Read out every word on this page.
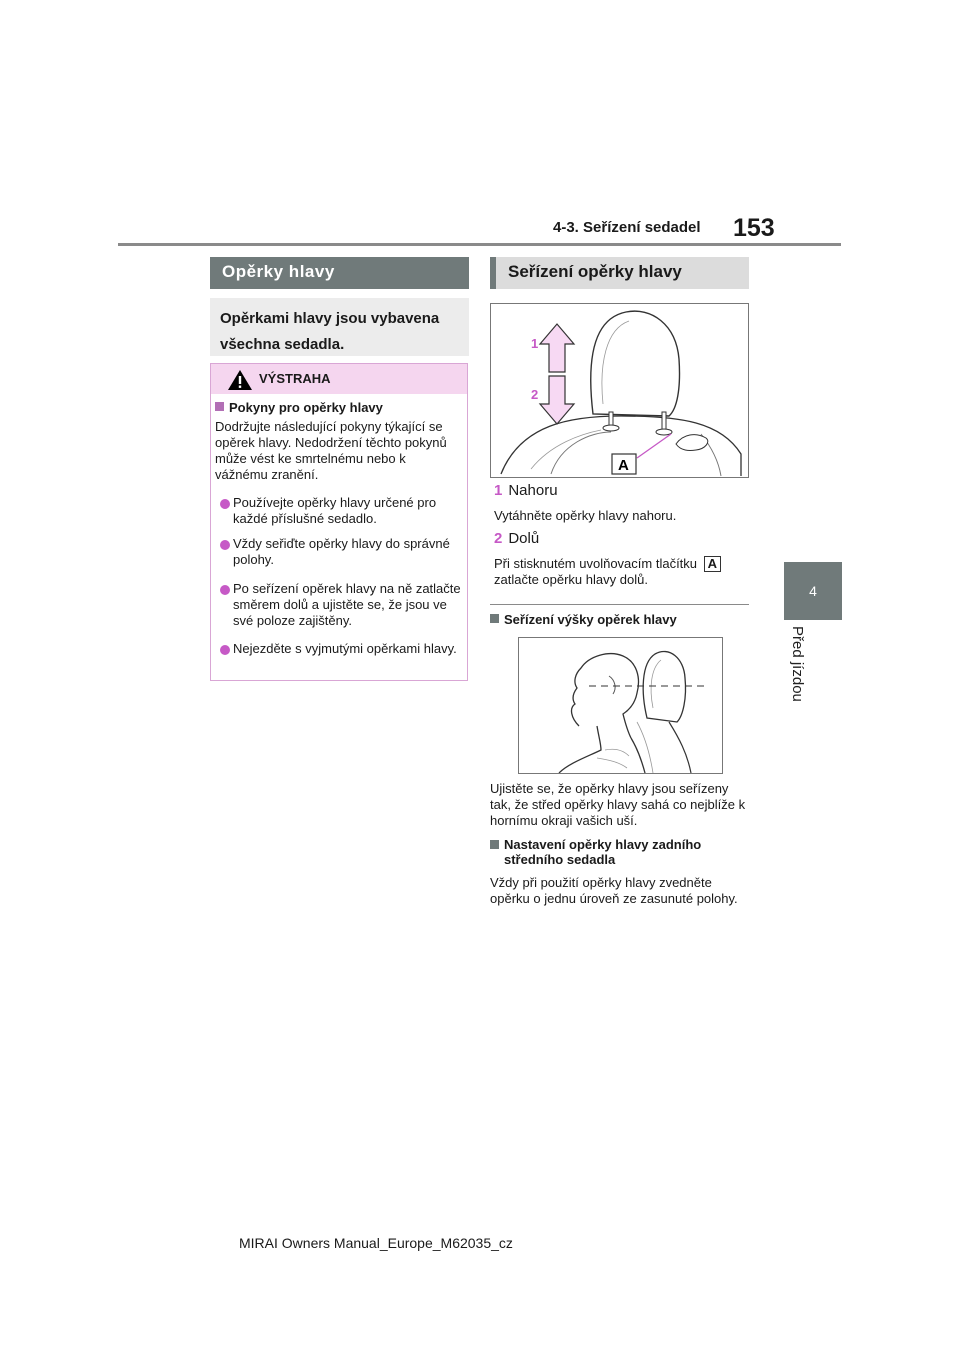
4-3. Seřízení sedadel 153
4
Před jízdou
Opěrky hlavy
Opěrkami hlavy jsou vybavena všechna sedadla.
VÝSTRAHA
Pokyny pro opěrky hlavy
Dodržujte následující pokyny týkající se opěrek hlavy. Nedodržení těchto pokynů může vést ke smrtelnému nebo k vážnému zranění.
Používejte opěrky hlavy určené pro každé příslušné sedadlo.
Vždy seřiďte opěrky hlavy do správné polohy.
Po seřízení opěrek hlavy na ně zatlačte směrem dolů a ujistěte se, že jsou ve své poloze zajištěny.
Nejezděte s vyjmutými opěrkami hlavy.
Seřízení opěrky hlavy
1
2
A
1 Nahoru
Vytáhněte opěrky hlavy nahoru.
2 Dolů
Při stisknutém uvolňovacím tlačítku A
zatlačte opěrku hlavy dolů.
Seřízení výšky opěrek hlavy
Ujistěte se, že opěrky hlavy jsou seřízeny tak, že střed opěrky hlavy sahá co nejblíže k hornímu okraji vašich uší.
Nastavení opěrky hlavy zadního středního sedadla
Vždy při použití opěrky hlavy zvedněte opěrku o jednu úroveň ze zasunuté polohy.
MIRAI Owners Manual_Europe_M62035_cz
